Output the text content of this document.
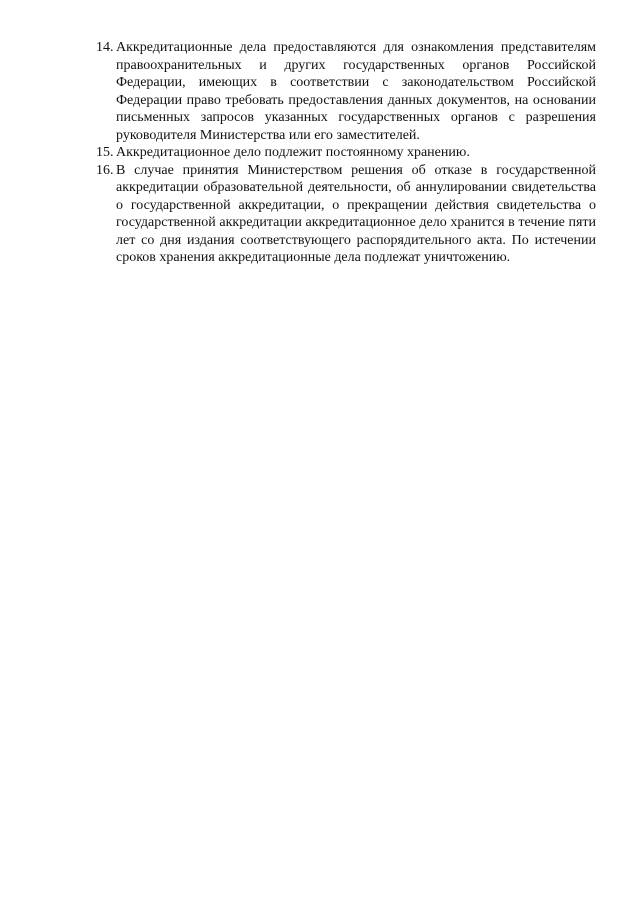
14. Аккредитационные дела предоставляются для ознакомления представителям правоохранительных и других государственных органов Российской Федерации, имеющих в соответствии с законодательством Российской Федерации право требовать предоставления данных документов, на основании письменных запросов указанных государственных органов с разрешения руководителя Министерства или его заместителей.
15. Аккредитационное дело подлежит постоянному хранению.
16. В случае принятия Министерством решения об отказе в государственной аккредитации образовательной деятельности, об аннулировании свидетельства о государственной аккредитации, о прекращении действия свидетельства о государственной аккредитации аккредитационное дело хранится в течение пяти лет со дня издания соответствующего распорядительного акта. По истечении сроков хранения аккредитационные дела подлежат уничтожению.
